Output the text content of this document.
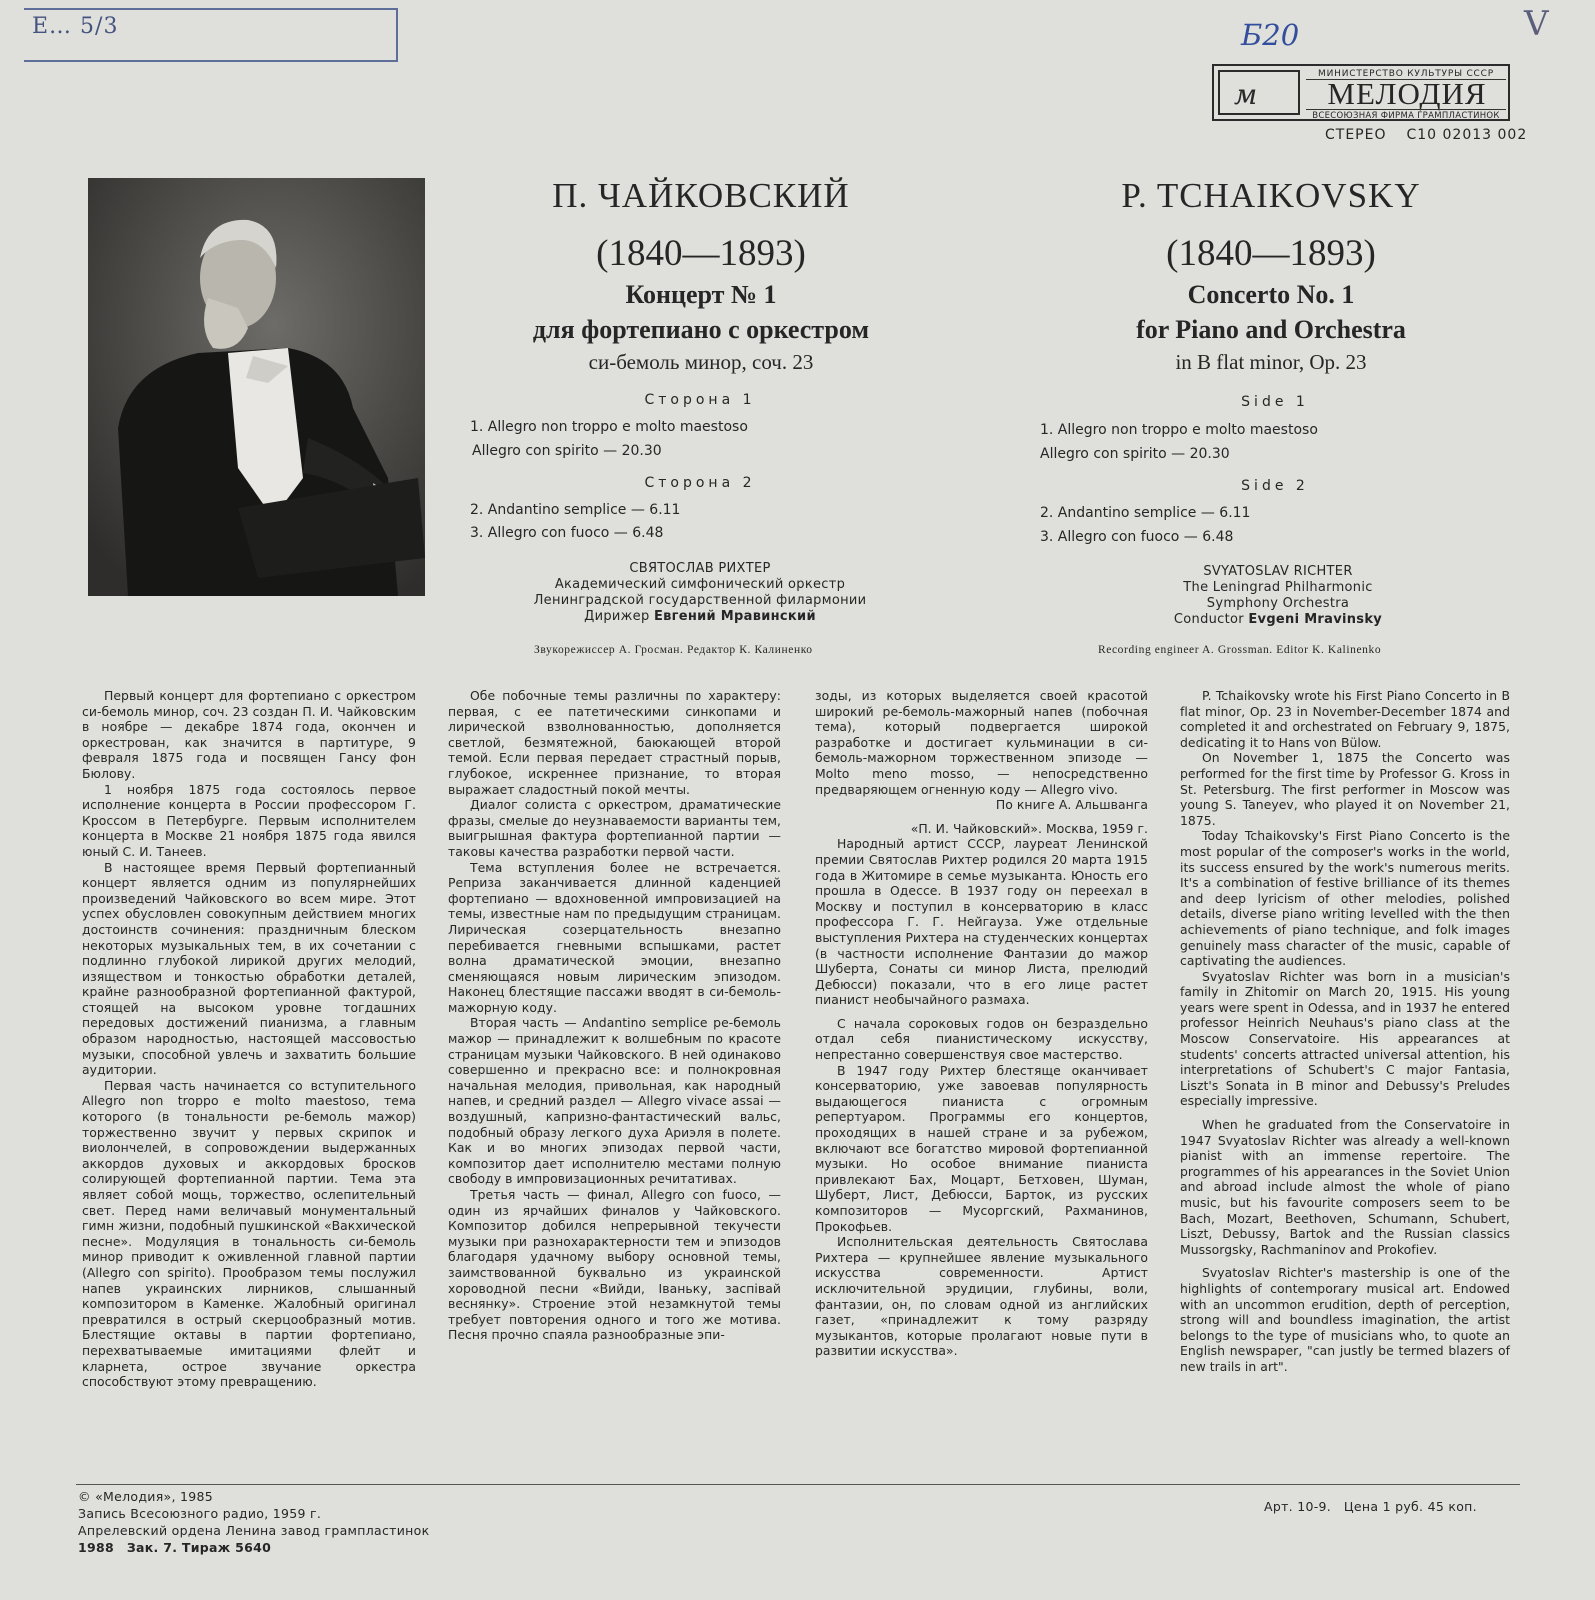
Е… 5/3	Б20	V
м
МИНИСТЕРСТВО КУЛЬТУРЫ СССР
МЕЛОДИЯ
ВСЕСОЮЗНАЯ ФИРМА ГРАМПЛАСТИНОК
СТЕРЕО С10 02013 002
П. ЧАЙКОВСКИЙ
(1840—1893)
Концерт № 1
для фортепиано с оркестром
си-бемоль минор, соч. 23
Сторона 1
1. Allegro non troppo e molto maestoso
Allegro con spirito — 20.30
Сторона 2
2. Andantino semplice — 6.11
3. Allegro con fuoco — 6.48
СВЯТОСЛАВ РИХТЕР
Академический симфонический оркестр
Ленинградской государственной филармонии
Дирижер Евгений Мравинский
Звукорежиссер А. Гросман. Редактор К. Калиненко
P. TCHAIKOVSKY
(1840—1893)
Concerto No. 1
for Piano and Orchestra
in B flat minor, Op. 23
Side 1
1. Allegro non troppo e molto maestoso
Allegro con spirito — 20.30
Side 2
2. Andantino semplice — 6.11
3. Allegro con fuoco — 6.48
SVYATOSLAV RICHTER
The Leningrad Philharmonic
Symphony Orchestra
Conductor Evgeni Mravinsky
Recording engineer A. Grossman. Editor K. Kalinenko

Первый концерт для фортепиано с оркестром си-бемоль минор, соч. 23 создан П. И. Чайковским в ноябре — декабре 1874 года, окончен и оркестрован, как значится в партитуре, 9 февраля 1875 года и посвящен Гансу фон Бюлову.

1 ноября 1875 года состоялось первое исполнение концерта в России профессором Г. Кроссом в Петербурге. Первым исполнителем концерта в Москве 21 ноября 1875 года явился юный С. И. Танеев.

В настоящее время Первый фортепианный концерт является одним из популярнейших произведений Чайковского во всем мире. Этот успех обусловлен совокупным действием многих достоинств сочинения: праздничным блеском некоторых музыкальных тем, в их сочетании с подлинно глубокой лирикой других мелодий, изяществом и тонкостью обработки деталей, крайне разнообразной фортепианной фактурой, стоящей на высоком уровне тогдашних передовых достижений пианизма, а главным образом народностью, настоящей массовостью музыки, способной увлечь и захватить большие аудитории.

Первая часть начинается со вступительного Allegro non troppo e molto maestoso, тема которого (в тональности ре-бемоль мажор) торжественно звучит у первых скрипок и виолончелей, в сопровождении выдержанных аккордов духовых и аккордовых бросков солирующей фортепианной партии. Тема эта являет собой мощь, торжество, ослепительный свет. Перед нами величавый монументальный гимн жизни, подобный пушкинской «Вакхической песне». Модуляция в тональность си-бемоль минор приводит к оживленной главной партии (Allegro con spirito). Прообразом темы послужил напев украинских лирников, слышанный композитором в Каменке. Жалобный оригинал превратился в острый скерцообразный мотив. Блестящие октавы в партии фортепиано, перехватываемые имитациями флейт и кларнета, острое звучание оркестра способствуют этому превращению.

Обе побочные темы различны по характеру: первая, с ее патетическими синкопами и лирической взволнованностью, дополняется светлой, безмятежной, баюкающей второй темой. Если первая передает страстный порыв, глубокое, искреннее признание, то вторая выражает сладостный покой мечты.

Диалог солиста с оркестром, драматические фразы, смелые до неузнаваемости варианты тем, выигрышная фактура фортепианной партии — таковы качества разработки первой части.

Тема вступления более не встречается. Реприза заканчивается длинной каденцией фортепиано — вдохновенной импровизацией на темы, известные нам по предыдущим страницам. Лирическая созерцательность внезапно перебивается гневными вспышками, растет волна драматической эмоции, внезапно сменяющаяся новым лирическим эпизодом. Наконец блестящие пассажи вводят в си-бемоль-мажорную коду.

Вторая часть — Andantino semplice ре-бемоль мажор — принадлежит к волшебным по красоте страницам музыки Чайковского. В ней одинаково совершенно и прекрасно все: и полнокровная начальная мелодия, привольная, как народный напев, и средний раздел — Allegro vivace assai — воздушный, капризно-фантастический вальс, подобный образу легкого духа Ариэля в полете. Как и во многих эпизодах первой части, композитор дает исполнителю местами полную свободу в импровизационных речитативах.

Третья часть — финал, Allegro con fuoco, — один из ярчайших финалов у Чайковского. Композитор добился непрерывной текучести музыки при разнохарактерности тем и эпизодов благодаря удачному выбору основной темы, заимствованной буквально из украинской хороводной песни «Вийди, Іваньку, заспівай веснянку». Строение этой незамкнутой темы требует повторения одного и того же мотива. Песня прочно спаяла разнообразные эпи-

зоды, из которых выделяется своей красотой широкий ре-бемоль-мажорный напев (побочная тема), который подвергается широкой разработке и достигает кульминации в си-бемоль-мажорном торжественном эпизоде — Molto meno mosso, — непосредственно предваряющем огненную коду — Allegro vivo.

По книге А. Альшванга

«П. И. Чайковский». Москва, 1959 г.

Народный артист СССР, лауреат Ленинской премии Святослав Рихтер родился 20 марта 1915 года в Житомире в семье музыканта. Юность его прошла в Одессе. В 1937 году он переехал в Москву и поступил в консерваторию в класс профессора Г. Г. Нейгауза. Уже отдельные выступления Рихтера на студенческих концертах (в частности исполнение Фантазии до мажор Шуберта, Сонаты си минор Листа, прелюдий Дебюсси) показали, что в его лице растет пианист необычайного размаха.

С начала сороковых годов он безраздельно отдал себя пианистическому искусству, непрестанно совершенствуя свое мастерство.

В 1947 году Рихтер блестяще оканчивает консерваторию, уже завоевав популярность выдающегося пианиста с огромным репертуаром. Программы его концертов, проходящих в нашей стране и за рубежом, включают все богатство мировой фортепианной музыки. Но особое внимание пианиста привлекают Бах, Моцарт, Бетховен, Шуман, Шуберт, Лист, Дебюсси, Барток, из русских композиторов — Мусоргский, Рахманинов, Прокофьев.

Исполнительская деятельность Святослава Рихтера — крупнейшее явление музыкального искусства современности. Артист исключительной эрудиции, глубины, воли, фантазии, он, по словам одной из английских газет, «принадлежит к тому разряду музыкантов, которые пролагают новые пути в развитии искусства».

P. Tchaikovsky wrote his First Piano Concerto in B flat minor, Op. 23 in November-December 1874 and completed it and orchestrated on February 9, 1875, dedicating it to Hans von Bülow.

On November 1, 1875 the Concerto was performed for the first time by Professor G. Kross in St. Petersburg. The first performer in Moscow was young S. Taneyev, who played it on November 21, 1875.

Today Tchaikovsky's First Piano Concerto is the most popular of the composer's works in the world, its success ensured by the work's numerous merits. It's a combination of festive brilliance of its themes and deep lyricism of other melodies, polished details, diverse piano writing levelled with the then achievements of piano technique, and folk images genuinely mass character of the music, capable of captivating the audiences.

Svyatoslav Richter was born in a musician's family in Zhitomir on March 20, 1915. His young years were spent in Odessa, and in 1937 he entered professor Heinrich Neuhaus's piano class at the Moscow Conservatoire. His appearances at students' concerts attracted universal attention, his interpretations of Schubert's C major Fantasia, Liszt's Sonata in B minor and Debussy's Preludes especially impressive.

When he graduated from the Conservatoire in 1947 Svyatoslav Richter was already a well-known pianist with an immense repertoire. The programmes of his appearances in the Soviet Union and abroad include almost the whole of piano music, but his favourite composers seem to be Bach, Mozart, Beethoven, Schumann, Schubert, Liszt, Debussy, Bartok and the Russian classics Mussorgsky, Rachmaninov and Prokofiev.

Svyatoslav Richter's mastership is one of the highlights of contemporary musical art. Endowed with an uncommon erudition, depth of perception, strong will and boundless imagination, the artist belongs to the type of musicians who, to quote an English newspaper, "can justly be termed blazers of new trails in art".

© «Мелодия», 1985
Запись Всесоюзного радио, 1959 г.
Апрелевский ордена Ленина завод грампластинок
1988 Зак. 7. Тираж 5640
Арт. 10-9. Цена 1 руб. 45 коп.
